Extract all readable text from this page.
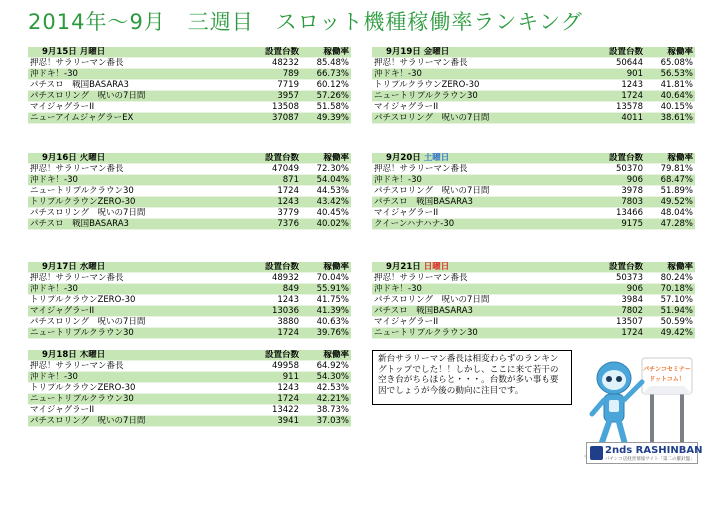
2014年～9月　三週目　スロット機種稼働率ランキング
9月15日 月曜日	設置台数	稼働率
押忍！サラリーマン番長	48232	85.48%
沖ドキ！-30	789	66.73%
パチスロ　戦国BASARA3	7719	60.12%
パチスロリング　呪いの7日間	3957	57.26%
マイジャグラーII	13508	51.58%
ニューアイムジャグラーEX	37087	49.39%
9月19日 金曜日	設置台数	稼働率
押忍！サラリーマン番長	50644	65.08%
沖ドキ！-30	901	56.53%
トリプルクラウンZERO-30	1243	41.81%
ニュートリプルクラウン30	1724	40.64%
マイジャグラーII	13578	40.15%
パチスロリング　呪いの7日間	4011	38.61%
9月16日 火曜日	設置台数	稼働率
押忍！サラリーマン番長	47049	72.30%
沖ドキ！-30	871	54.04%
ニュートリプルクラウン30	1724	44.53%
トリプルクラウンZERO-30	1243	43.42%
パチスロリング　呪いの7日間	3779	40.45%
パチスロ　戦国BASARA3	7376	40.02%
9月20日 土曜日	設置台数	稼働率
押忍！サラリーマン番長	50370	79.81%
沖ドキ！-30	906	68.47%
パチスロリング　呪いの7日間	3978	51.89%
パチスロ　戦国BASARA3	7803	49.52%
マイジャグラーII	13466	48.04%
クイーンハナハナ-30	9175	47.28%
9月17日 水曜日	設置台数	稼働率
押忍！サラリーマン番長	48932	70.04%
沖ドキ！-30	849	55.91%
トリプルクラウンZERO-30	1243	41.75%
マイジャグラーII	13036	41.39%
パチスロリング　呪いの7日間	3880	40.63%
ニュートリプルクラウン30	1724	39.76%
9月21日 日曜日	設置台数	稼働率
押忍！サラリーマン番長	50373	80.24%
沖ドキ！-30	906	70.18%
パチスロリング　呪いの7日間	3984	57.10%
パチスロ　戦国BASARA3	7802	51.94%
マイジャグラーII	13507	50.59%
ニュートリプルクラウン30	1724	49.42%
9月18日 木曜日	設置台数	稼働率
押忍！サラリーマン番長	49958	64.92%
沖ドキ！-30	911	54.30%
トリプルクラウンZERO-30	1243	42.53%
ニュートリプルクラウン30	1724	42.21%
マイジャグラーII	13422	38.73%
パチスロリング　呪いの7日間	3941	37.03%
新台サラリーマン番長は相変わらずのランキングトップでした！！しかし、ここに来て若干の空き台がちらほらと・・・。台数が多い事も要因でしょうが今後の動向に注目です。
パチンコセミナー
ドットコム！
2nds RASHINBAN
パチンコ店経営情報サイト「第二の羅針盤」
